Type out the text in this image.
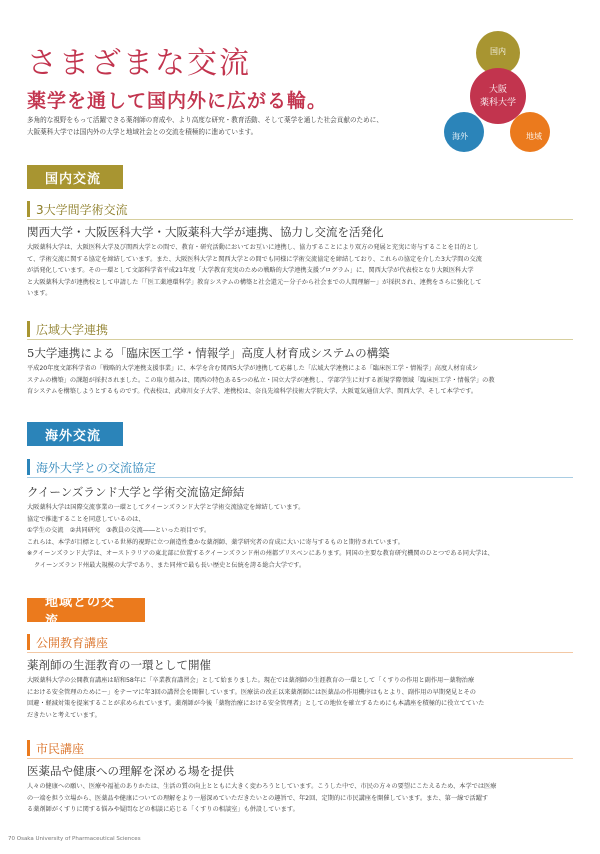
さまざまな交流
薬学を通して国内外に広がる輪。

多角的な視野をもって活躍できる薬剤師の育成や、より高度な研究・教育活動、そして薬学を通した社会貢献のために、

大阪薬科大学では国内外の大学と地域社会との交流を積極的に進めています。

国内
大阪
薬科大学
海外	地域
国内交流
3大学間学術交流
関西大学・大阪医科大学・大阪薬科大学が連携、協力し交流を活発化

大阪薬科大学は、大阪医科大学及び関西大学との間で、教育・研究活動においてお互いに連携し、協力することにより双方の発展と充実に寄与することを目的とし

て、学術交流に関する協定を締結しています。また、大阪医科大学と関西大学との間でも同様に学術交流協定を締結しており、これらの協定を介した3大学間の交流

が活発化しています。その一環として文部科学省平成21年度「大学教育充実のための戦略的大学連携支援プログラム」に、関西大学が代表校となり大阪医科大学

と大阪薬科大学が連携校として申請した「「医工薬連環科学」教育システムの構築と社会還元～分子から社会までの人間理解～」が採択され、連携をさらに強化して

います。

広域大学連携
5大学連携による「臨床医工学・情報学」高度人材育成システムの構築

平成20年度文部科学省の「戦略的大学連携支援事業」に、本学を含む関西5大学が連携して応募した「広域大学連携による「臨床医工学・情報学」高度人材育成シ

ステムの構築」の課題が採択されました。この取り組みは、関西の特色ある5つの私立・国立大学が連携し、学部学生に対する新規学際領域「臨床医工学・情報学」の教

育システムを構築しようとするものです。代表校は、武庫川女子大学、連携校は、奈良先端科学技術大学院大学、大阪電気通信大学、関西大学、そして本学です。

海外交流
海外大学との交流協定
クイーンズランド大学と学術交流協定締結

大阪薬科大学は国際交流事業の一環としてクイーンズランド大学と学術交流協定を締結しています。

協定で推進することを同意しているのは、

①学生の交流　②共同研究　③教員の交流――といった項目です。

これらは、本学が目標としている世界的視野に立つ創造性豊かな薬剤師、薬学研究者の育成に大いに寄与するものと期待されています。

※クイーンズランド大学は、オーストラリアの東北部に位置するクイーンズランド州の州都ブリスベンにあります。同国の主要な教育研究機関のひとつである同大学は、

クイーンズランド州最大規模の大学であり、また同州で最も長い歴史と伝統を誇る総合大学です。

地域との交流
公開教育講座
薬剤師の生涯教育の一環として開催

大阪薬科大学の公開教育講座は昭和58年に「卒業教育講習会」として始まりました。現在では薬剤師の生涯教育の一環として「くすりの作用と副作用～薬物治療

における安全管理のために～」をテーマに年3回の講習会を開催しています。医療法の改正以来薬剤師には医薬品の作用機序はもとより、副作用の早期発見とその

回避・軽減対策を提案することが求められています。薬剤師が今後「薬物治療における安全管理者」としての地位を確立するためにも本講座を積極的に役立てていた

だきたいと考えています。

市民講座
医薬品や健康への理解を深める場を提供

人々の健康への願い、医療や福祉のありかたは、生活の質の向上とともに大きく変わろうとしています。こうした中で、市民の方々の要望にこたえるため、本学では医療

の一端を担う立場から、医薬品や健康についての理解をより一層深めていただきたいとの趣旨で、年2回、定期的に市民講座を開催しています。また、第一線で活躍す

る薬剤師がくすりに関する悩みや疑問などの相談に応じる「くすりの相談室」も併設しています。

70 Osaka University of Pharmaceutical Sciences
